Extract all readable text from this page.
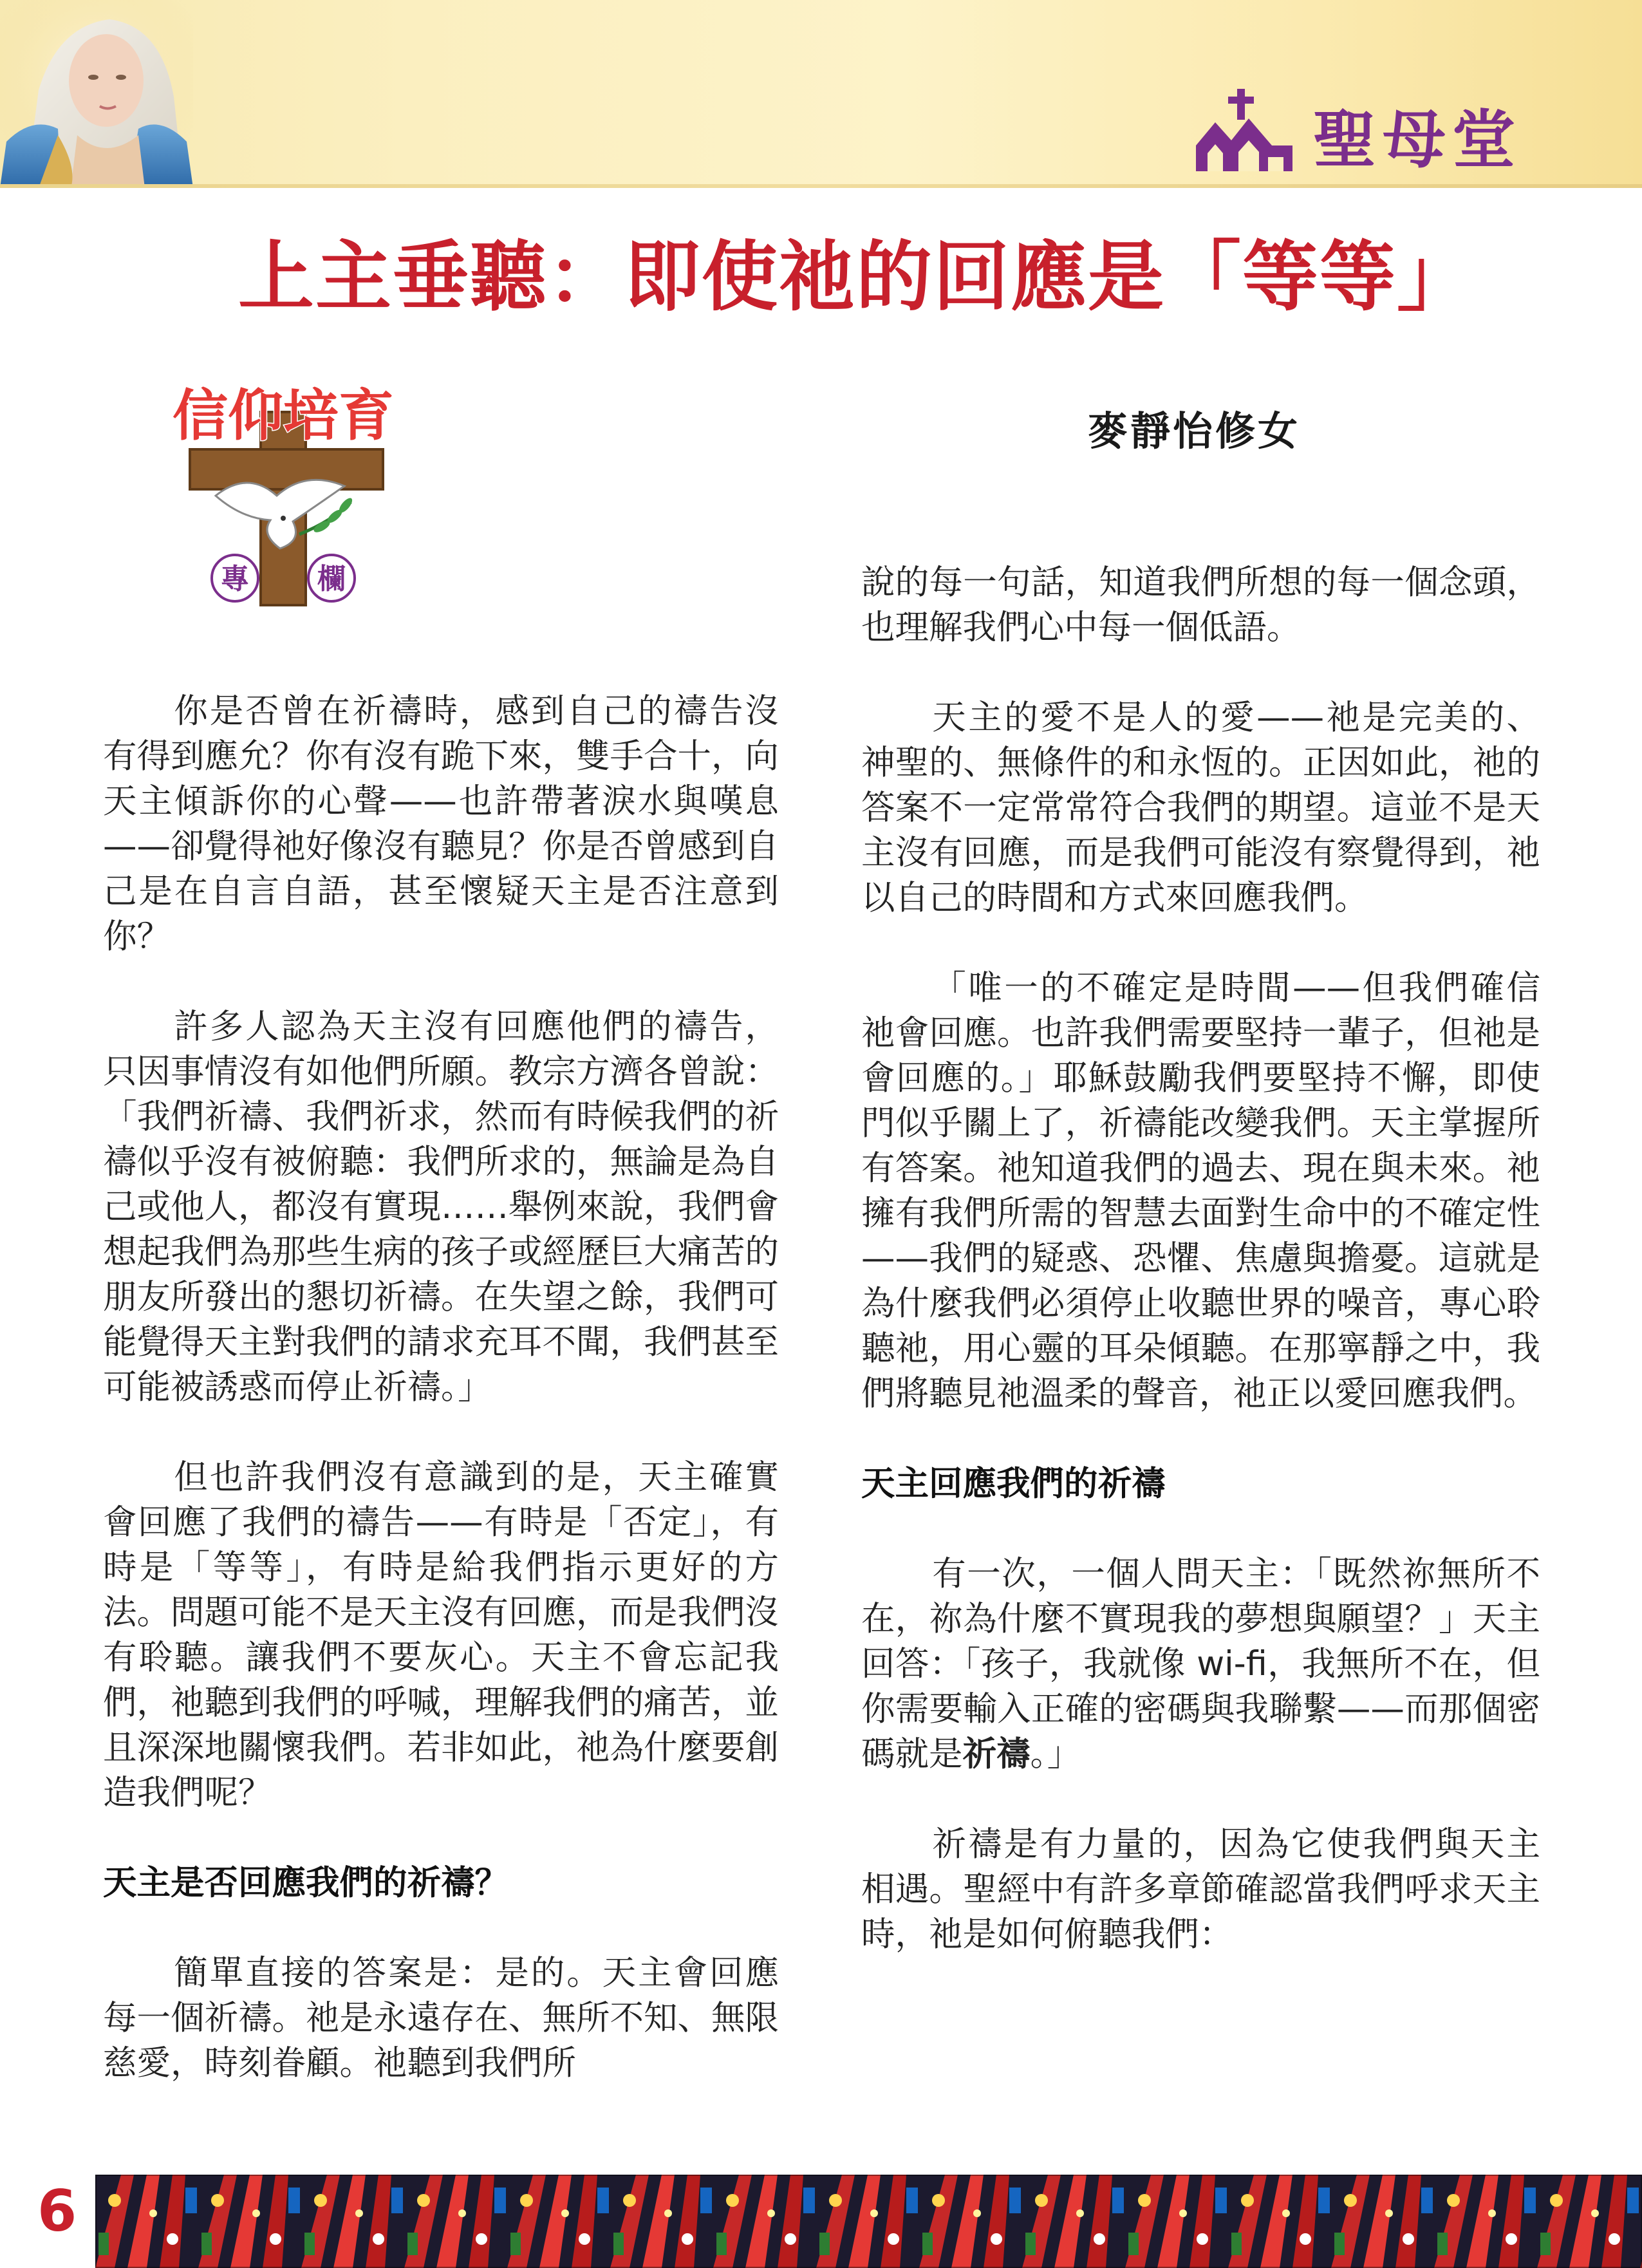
聖母堂
上主垂聽：即使祂的回應是「等等」
信仰培育
專 欄
麥靜怡修女

你是否曾在祈禱時，感到自己的禱告沒有得到應允？你有沒有跪下來，雙手合十，向天主傾訴你的心聲——也許帶著淚水與嘆息——卻覺得祂好像沒有聽見？你是否曾感到自己是在自言自語，甚至懷疑天主是否注意到你？

許多人認為天主沒有回應他們的禱告，只因事情沒有如他們所願。教宗方濟各曾說：「我們祈禱、我們祈求，然而有時候我們的祈禱似乎沒有被俯聽：我們所求的，無論是為自己或他人，都沒有實現……舉例來說，我們會想起我們為那些生病的孩子或經歷巨大痛苦的朋友所發出的懇切祈禱。在失望之餘，我們可能覺得天主對我們的請求充耳不聞，我們甚至可能被誘惑而停止祈禱。」

但也許我們沒有意識到的是，天主確實會回應了我們的禱告——有時是「否定」，有時是「等等」，有時是給我們指示更好的方法。問題可能不是天主沒有回應，而是我們沒有聆聽。讓我們不要灰心。天主不會忘記我們，祂聽到我們的呼喊，理解我們的痛苦，並且深深地關懷我們。若非如此，祂為什麼要創造我們呢？

天主是否回應我們的祈禱？

簡單直接的答案是：是的。天主會回應每一個祈禱。祂是永遠存在、無所不知、無限慈愛，時刻眷顧。祂聽到我們所

說的每一句話，知道我們所想的每一個念頭，也理解我們心中每一個低語。

天主的愛不是人的愛——祂是完美的、神聖的、無條件的和永恆的。正因如此，祂的答案不一定常常符合我們的期望。這並不是天主沒有回應，而是我們可能沒有察覺得到，祂以自己的時間和方式來回應我們。

「唯一的不確定是時間——但我們確信祂會回應。也許我們需要堅持一輩子，但祂是會回應的。」耶穌鼓勵我們要堅持不懈，即使門似乎關上了，祈禱能改變我們。天主掌握所有答案。祂知道我們的過去、現在與未來。祂擁有我們所需的智慧去面對生命中的不確定性——我們的疑惑、恐懼、焦慮與擔憂。這就是為什麼我們必須停止收聽世界的噪音，專心聆聽祂，用心靈的耳朵傾聽。在那寧靜之中，我們將聽見祂溫柔的聲音，祂正以愛回應我們。

天主回應我們的祈禱

有一次，一個人問天主：「既然祢無所不在，祢為什麼不實現我的夢想與願望？」天主回答：「孩子，我就像 wi-fi，我無所不在，但你需要輸入正確的密碼與我聯繫——而那個密碼就是祈禱。」

祈禱是有力量的，因為它使我們與天主相遇。聖經中有許多章節確認當我們呼求天主時，祂是如何俯聽我們：

6
